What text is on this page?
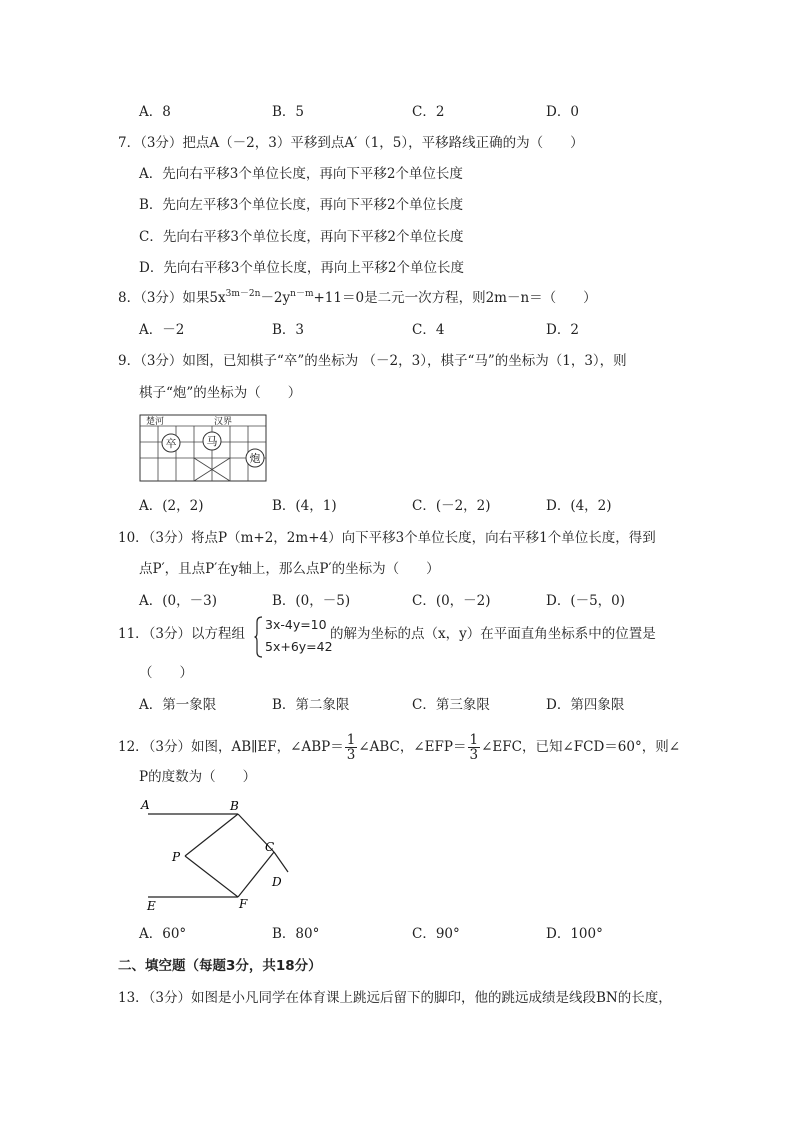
A．8	B．5	C．2	D．0
7．（3分）把点A（－2，3）平移到点A′（1，5），平移路线正确的为（　　）
A．先向右平移3个单位长度，再向下平移2个单位长度
B．先向左平移3个单位长度，再向下平移2个单位长度
C．先向右平移3个单位长度，再向下平移2个单位长度
D．先向右平移3个单位长度，再向上平移2个单位长度
8．（3分）如果$5x^{3m-2n}-2y^{n-m}+11=0$是二元一次方程，则2m－n＝（　　）
A．－2	B．3	C．4	D．2
9．（3分）如图，已知棋子“卒”的坐标为 （－2，3），棋子“马”的坐标为（1，3），则
棋子“炮”的坐标为（　　）
楚河	汉界
卒	马
炮
A．(2，2)	B．(4，1)	C．(－2，2)	D．(4，2)
10．（3分）将点P（m+2，2m+4）向下平移3个单位长度，向右平移1个单位长度，得到
点P′，且点P′在y轴上，那么点P′的坐标为（　　）
A．(0，－3)	B．(0，－5)	C．(0，－2)	D．(－5，0)
11．（3分）以方程组
3x-4y=10
5x+6y=42
的解为坐标的点（x，y）在平面直角坐标系中的位置是
（　　）
A．第一象限	B．第二象限	C．第三象限	D．第四象限
12．（3分）如图，AB∥EF，∠ABP＝ $\frac{1}{3}$ ∠ABC，∠EFP＝ $\frac{1}{3}$ ∠EFC，已知∠FCD＝60°，则∠
P的度数为（　　）
A	B
C
D
P
E	F
A．60°	B．80°	C．90°	D．100°
二、填空题（每题3分，共18分）
13．（3分）如图是小凡同学在体育课上跳远后留下的脚印，他的跳远成绩是线段BN的长度，
